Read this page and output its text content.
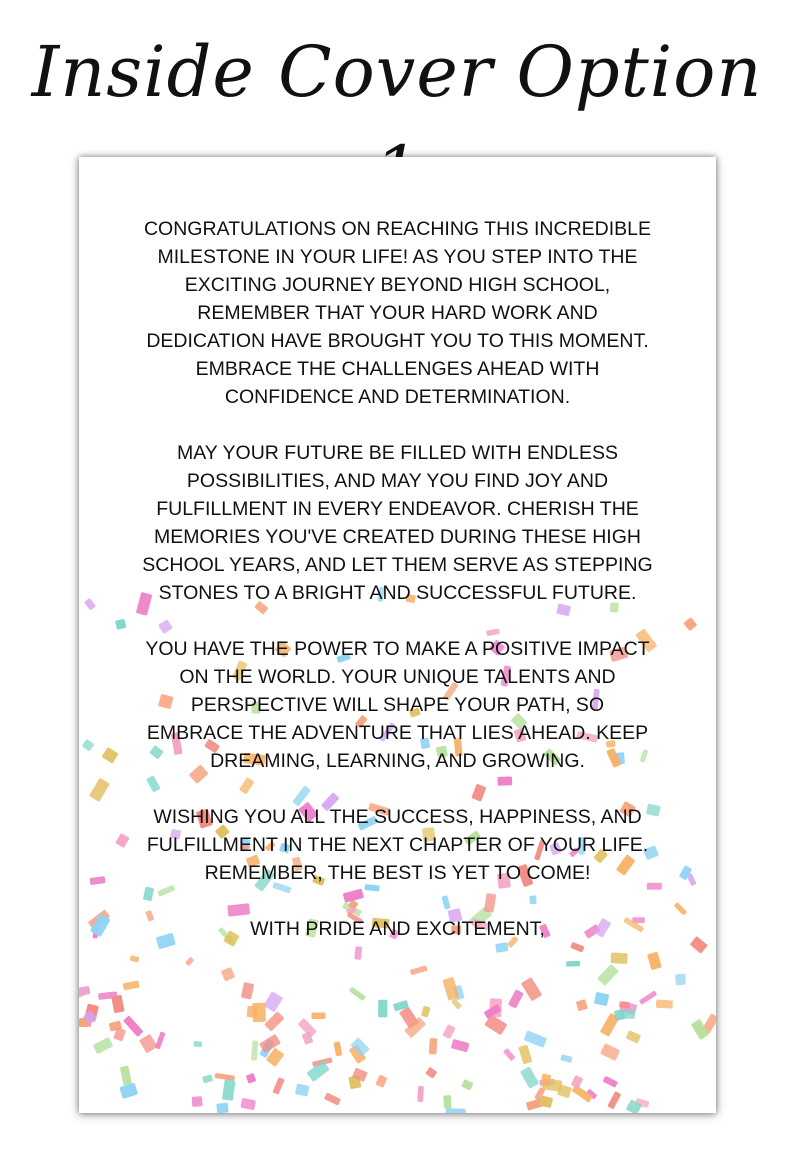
Inside Cover Option

CONGRATULATIONS ON REACHING THIS INCREDIBLE MILESTONE IN YOUR LIFE! AS YOU STEP INTO THE EXCITING JOURNEY BEYOND HIGH SCHOOL, REMEMBER THAT YOUR HARD WORK AND DEDICATION HAVE BROUGHT YOU TO THIS MOMENT. EMBRACE THE CHALLENGES AHEAD WITH CONFIDENCE AND DETERMINATION.

MAY YOUR FUTURE BE FILLED WITH ENDLESS POSSIBILITIES, AND MAY YOU FIND JOY AND FULFILLMENT IN EVERY ENDEAVOR. CHERISH THE MEMORIES YOU'VE CREATED DURING THESE HIGH SCHOOL YEARS, AND LET THEM SERVE AS STEPPING STONES TO A BRIGHT AND SUCCESSFUL FUTURE.

YOU HAVE THE POWER TO MAKE A POSITIVE IMPACT ON THE WORLD. YOUR UNIQUE TALENTS AND PERSPECTIVE WILL SHAPE YOUR PATH, SO EMBRACE THE ADVENTURE THAT LIES AHEAD. KEEP DREAMING, LEARNING, AND GROWING.

WISHING YOU ALL THE SUCCESS, HAPPINESS, AND FULFILLMENT IN THE NEXT CHAPTER OF YOUR LIFE. REMEMBER, THE BEST IS YET TO COME!

WITH PRIDE AND EXCITEMENT,
